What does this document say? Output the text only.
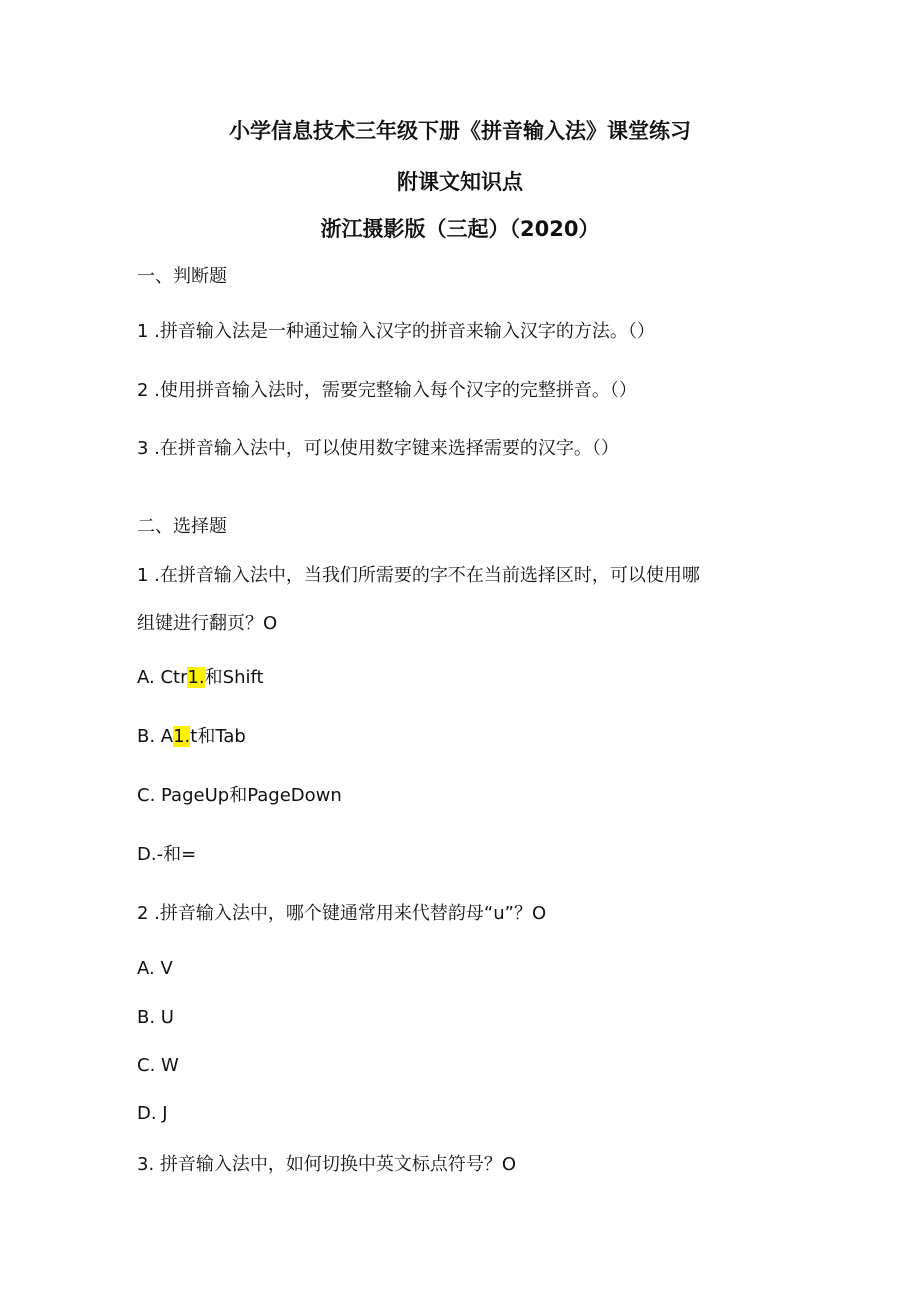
小学信息技术三年级下册《拼音输入法》课堂练习
附课文知识点
浙江摄影版（三起）（2020）
一、判断题
1 .拼音输入法是一种通过输入汉字的拼音来输入汉字的方法。（）
2 .使用拼音输入法时，需要完整输入每个汉字的完整拼音。（）
3 .在拼音输入法中，可以使用数字键来选择需要的汉字。（）
二、选择题
1 .在拼音输入法中，当我们所需要的字不在当前选择区时，可以使用哪
组键进行翻页？O
A. Ctr1.和Shift
B. A1.t和Tab
C. PageUp和PageDown
D.-和=
2 .拼音输入法中，哪个键通常用来代替韵母“u”？O
A. V
B. U
C. W
D. J
3. 拼音输入法中，如何切换中英文标点符号？O
